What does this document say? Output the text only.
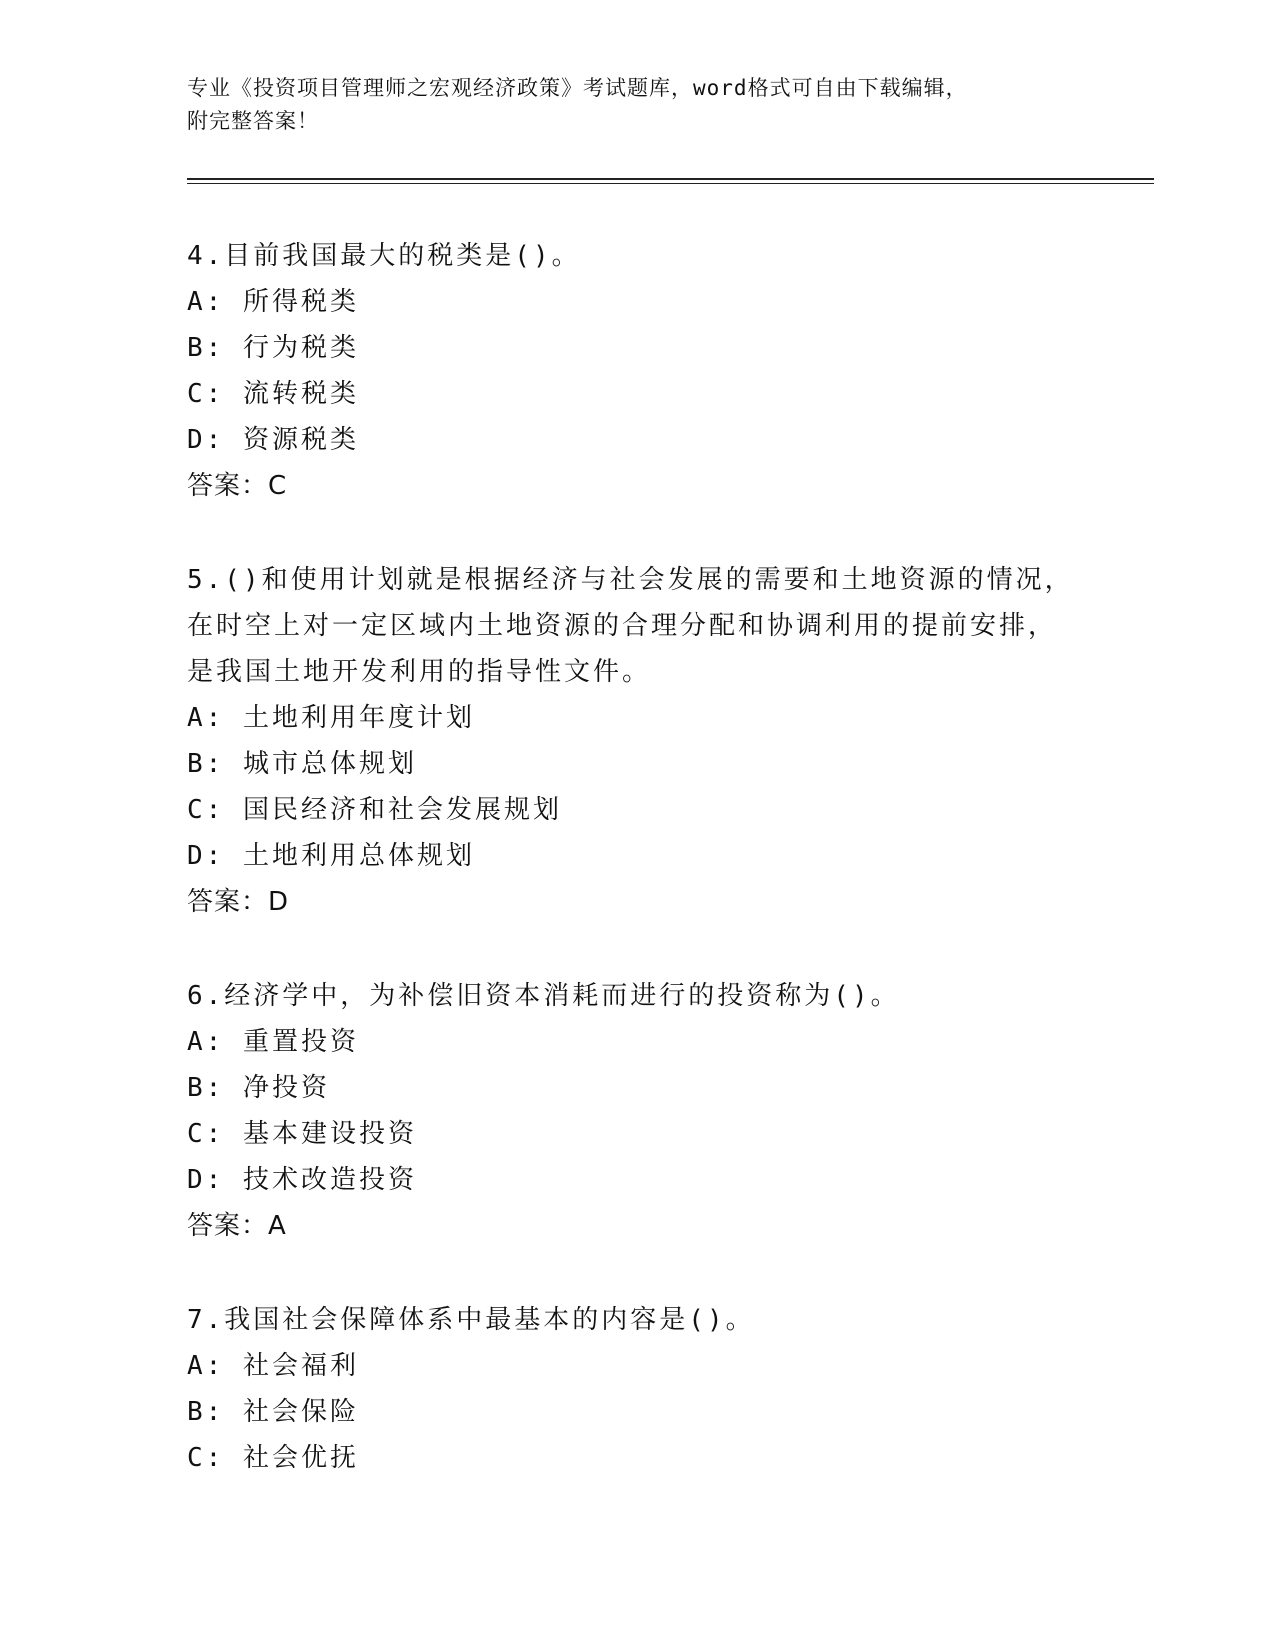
专业《投资项目管理师之宏观经济政策》考试题库，word格式可自由下载编辑，
附完整答案！
4.目前我国最大的税类是()。
A: 所得税类
B: 行为税类
C: 流转税类
D: 资源税类
答案：C
5.()和使用计划就是根据经济与社会发展的需要和土地资源的情况，
在时空上对一定区域内土地资源的合理分配和协调利用的提前安排，
是我国土地开发利用的指导性文件。
A: 土地利用年度计划
B: 城市总体规划
C: 国民经济和社会发展规划
D: 土地利用总体规划
答案：D
6.经济学中，为补偿旧资本消耗而进行的投资称为()。
A: 重置投资
B: 净投资
C: 基本建设投资
D: 技术改造投资
答案：A
7.我国社会保障体系中最基本的内容是()。
A: 社会福利
B: 社会保险
C: 社会优抚
